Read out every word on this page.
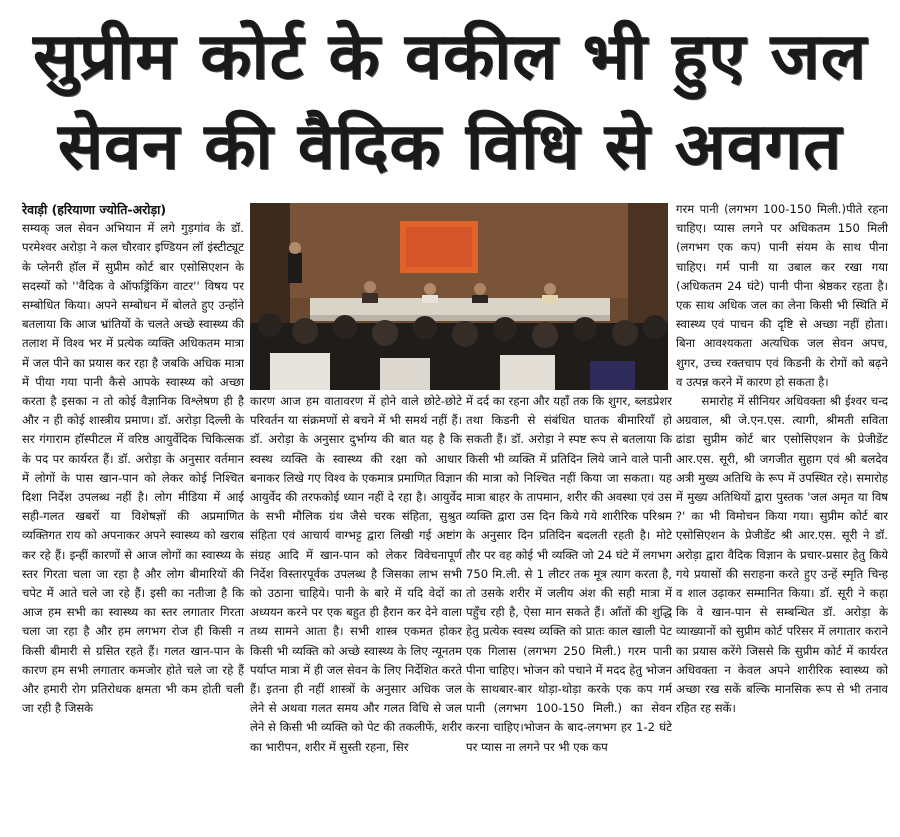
सुप्रीम कोर्ट के वकील भी हुए जल
सेवन की वैदिक विधि से अवगत
रेवाड़ी (हरियाणा ज्योति-अरोड़ा)

सम्यक् जल सेवन अभियान में लगे गुड़गांव के डॉ. परमेश्वर अरोड़ा ने कल चौरवार इण्डियन लॉ इंस्टीट्यूट के प्लेनरी हॉल में सुप्रीम कोर्ट बार एसोसिएशन के सदस्यों को ''वैदिक वे ऑफड्रिंकिंग वाटर'' विषय पर सम्बोधित किया। अपने सम्बोधन में बोलते हुए उन्होंने बतलाया कि आज भ्रांतियों के चलते अच्छे स्वास्थ्य की तलाश में विश्व भर में प्रत्येक व्यक्ति अधिकतम मात्रा में जल पीने का प्रयास कर रहा है जबकि अधिक मात्रा में पीया गया पानी कैसे आपके स्वास्थ्य को अच्छा करता है इसका न तो कोई वैज्ञानिक विश्लेषण ही है और न ही कोई शास्त्रीय प्रमाण। डॉ. अरोड़ा दिल्ली के सर गंगाराम हॉस्पीटल में वरिष्ठ आयुर्वेदिक चिकित्सक के पद पर कार्यरत हैं। डॉ. अरोड़ा के अनुसार वर्तमान में लोगों के पास खान-पान को लेकर कोई निश्चित दिशा निर्देश उपलब्ध नहीं है। लोग मीडिया में आई सही-गलत खबरों या विशेषज्ञों की अप्रमाणित व्यक्तिगत राय को अपनाकर अपने स्वास्थ्य को खराब कर रहे हैं। इन्हीं कारणों से आज लोगों का स्वास्थ्य के स्तर गिरता चला जा रहा है और लोग बीमारियों की चपेट में आते चले जा रहे हैं। इसी का नतीजा है कि आज हम सभी का स्वास्थ्य का स्तर लगातार गिरता चला जा रहा है और हम लगभग रोज ही किसी न किसी बीमारी से ग्रसित रहते हैं। गलत खान-पान के कारण हम सभी लगातार कमजोर होते चले जा रहे हैं और हमारी रोग प्रतिरोधक क्षमता भी कम होती चली जा रही है जिसके

कारण आज हम वातावरण में होने वाले छोटे-छोटे परिवर्तन या संक्रमणों से बचने में भी समर्थ नहीं हैं। डॉ. अरोड़ा के अनुसार दुर्भाग्य की बात यह है कि स्वस्थ व्यक्ति के स्वास्थ्य की रक्षा को आधार बनाकर लिखे गए विश्व के एकमात्र प्रमाणित विज्ञान आयुर्वेद की तरफकोई ध्यान नहीं दे रहा है। आयुर्वेद के सभी मौलिक ग्रंथ जैसे चरक संहिता, सुश्रुत संहिता एवं आचार्य वाग्भट्ट द्वारा लिखी गई अष्टांग संग्रह आदि में खान-पान को लेकर विवेचनापूर्ण निर्देश विस्तारपूर्वक उपलब्ध है जिसका लाभ सभी को उठाना चाहिये। पानी के बारे में यदि वेदों का अध्ययन करने पर एक बहुत ही हैरान कर देने वाला तथ्य सामने आता है। सभी शास्त्र एकमत होकर किसी भी व्यक्ति को अच्छे स्वास्थ्य के लिए न्यूनतम पर्याप्त मात्रा में ही जल सेवन के लिए निर्देशित करते हैं। इतना ही नहीं शास्त्रों के अनुसार अधिक जल लेने से अथवा गलत समय और गलत विधि से जल लेने से किसी भी व्यक्ति को पेट की तकलीफें, शरीर का भारीपन, शरीर में सुस्ती रहना, सिर

में दर्द का रहना और यहाँ तक कि शुगर, ब्लडप्रेशर तथा किडनी से संबंधित घातक बीमारियाँ हो सकती हैं। डॉ. अरोड़ा ने स्पष्ट रूप से बतलाया कि किसी भी व्यक्ति में प्रतिदिन लिये जाने वाले पानी की मात्रा को निश्चित नहीं किया जा सकता। यह मात्रा बाहर के तापमान, शरीर की अवस्था एवं उस व्यक्ति द्वारा उस दिन किये गये शारीरिक परिश्रम के अनुसार दिन प्रतिदिन बदलती रहती है। मोटे तौर पर वह कोई भी व्यक्ति जो 24 घंटे में लगभग 750 मि.ली. से 1 लीटर तक मूत्र त्याग करता है, तो उसके शरीर में जलीय अंश की सही मात्रा में पहुँच रही है, ऐसा मान सकते हैं। आँतों की शुद्धि हेतु प्रत्येक स्वस्थ व्यक्ति को प्रातः काल खाली पेट एक गिलास (लगभग 250 मिली.) गरम पानी पीना चाहिए। भोजन को पचाने में मदद हेतु भोजन के साथबार-बार थोड़ा-थोड़ा करके एक कप गर्म पानी (लगभग 100-150 मिली.) का सेवन करना चाहिए।भोजन के बाद-लगभग हर 1-2 घंटे पर प्यास ना लगने पर भी एक कप

गरम पानी (लगभग 100-150 मिली.)पीते रहना चाहिए। प्यास लगने पर अधिकतम 150 मिली (लगभग एक कप) पानी संयम के साथ पीना चाहिए। गर्म पानी या उबाल कर रखा गया (अधिकतम 24 घंटे) पानी पीना श्रेष्ठकर रहता है। एक साथ अधिक जल का लेना किसी भी स्थिति में स्वास्थ्य एवं पाचन की दृष्टि से अच्छा नहीं होता। बिना आवश्यकता अत्यधिक जल सेवन अपच, शुगर, उच्च रक्तचाप एवं किडनी के रोगों को बढ़ने व उत्पन्न करने में कारण हो सकता है।

समारोह में सीनियर अधिवक्ता श्री ईश्वर चन्द अग्रवाल, श्री जे.एन.एस. त्यागी, श्रीमती सविता ढांडा सुप्रीम कोर्ट बार एसोसिएशन के प्रेजीडेंट आर.एस. सूरी, श्री जगजीत सुहाग एवं श्री बलदेव अत्री मुख्य अतिथि के रूप में उपस्थित रहे। समारोह में मुख्य अतिथियों द्वारा पुस्तक 'जल अमृत या विष ?' का भी विमोचन किया गया। सुप्रीम कोर्ट बार एसोसिएशन के प्रेजीडेंट श्री आर.एस. सूरी ने डॉ. अरोड़ा द्वारा वैदिक विज्ञान के प्रचार-प्रसार हेतु किये गये प्रयासों की सराहना करते हुए उन्हें स्मृति चिन्ह व शाल उढ़ाकर सम्मानित किया। डॉ. सूरी ने कहा कि वे खान-पान से सम्बन्धित डॉ. अरोड़ा के व्याख्यानों को सुप्रीम कोर्ट परिसर में लगातार कराने का प्रयास करेंगे जिससे कि सुप्रीम कोर्ट में कार्यरत अधिवक्ता न केवल अपने शारीरिक स्वास्थ्य को अच्छा रख सकें बल्कि मानसिक रूप से भी तनाव रहित रह सकें।
